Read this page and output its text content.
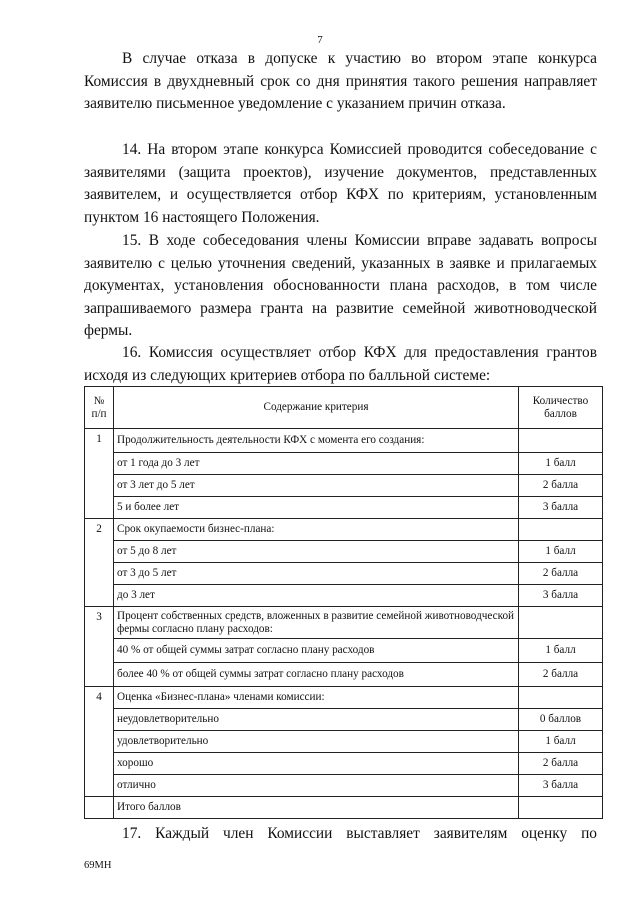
7

В случае отказа в допуске к участию во втором этапе конкурса Комиссия в двухдневный срок со дня принятия такого решения направляет заявителю письменное уведомление с указанием причин отказа.

14. На втором этапе конкурса Комиссией проводится собеседование с заявителями (защита проектов), изучение документов, представленных заявителем, и осуществляется отбор КФХ по критериям, установленным пунктом 16 настоящего Положения.

15. В ходе собеседования члены Комиссии вправе задавать вопросы заявителю с целью уточнения сведений, указанных в заявке и прилагаемых документах, установления обоснованности плана расходов, в том числе запрашиваемого размера гранта на развитие семейной животноводческой фермы.

16. Комиссия осуществляет отбор КФХ для предоставления грантов исходя из следующих критериев отбора по балльной системе:

№ п/п	Содержание критерия	Количество баллов
1	Продолжительность деятельности КФХ с момента его создания:	
	от 1 года до 3 лет	1 балл
	от 3 лет до 5 лет	2 балла
	5 и более лет	3 балла
2	Срок окупаемости бизнес-плана:	
	от 5 до 8 лет	1 балл
	от 3 до 5 лет	2 балла
	до 3 лет	3 балла
3	Процент собственных средств, вложенных в развитие семейной животноводческой фермы согласно плану расходов:	
	40 % от общей суммы затрат согласно плану расходов	1 балл
	более 40 % от общей суммы затрат согласно плану расходов	2 балла
4	Оценка «Бизнес-плана» членами комиссии:	
	неудовлетворительно	0 баллов
	удовлетворительно	1 балл
	хорошо	2 балла
	отлично	3 балла
	Итого баллов	

17. Каждый член Комиссии выставляет заявителям оценку по

69МН
